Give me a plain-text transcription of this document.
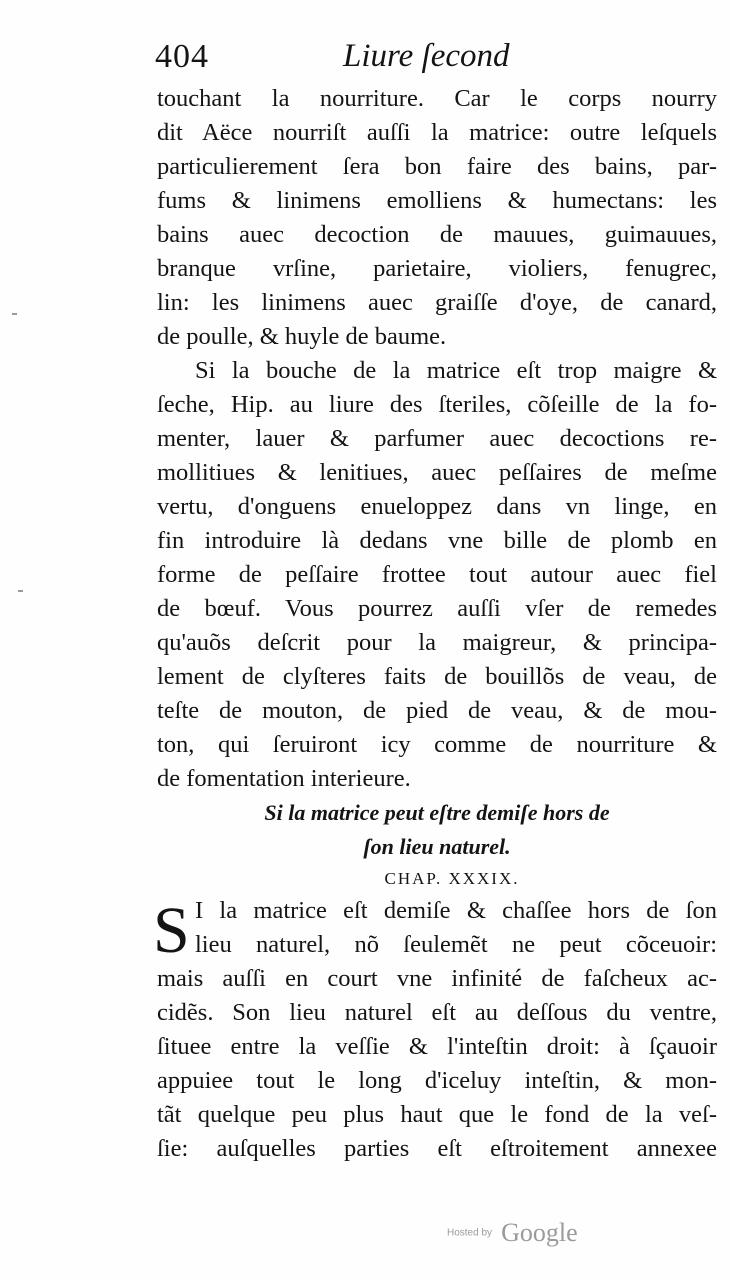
404	Liure ſecond
touchant la nourriture. Car le corps nourry
dit Aëce nourriſt auſſi la matrice: outre leſquels
particulierement ſera bon faire des bains, par-
fums & linimens emolliens & humectans: les
bains auec decoction de mauues, guimauues,
branque vrſine, parietaire, violiers, fenugrec,
lin: les linimens auec graiſſe d'oye, de canard,
de poulle, & huyle de baume.
Si la bouche de la matrice eſt trop maigre &
ſeche, Hip. au liure des ſteriles, cõſeille de la fo-
menter, lauer & parfumer auec decoctions re-
mollitiues & lenitiues, auec peſſaires de meſme
vertu, d'onguens enueloppez dans vn linge, en
fin introduire là dedans vne bille de plomb en
forme de peſſaire frottee tout autour auec fiel
de bœuf. Vous pourrez auſſi vſer de remedes
qu'auõs deſcrit pour la maigreur, & principa-
lement de clyſteres faits de bouillõs de veau, de
teſte de mouton, de pied de veau, & de mou-
ton, qui ſeruiront icy comme de nourriture &
de fomentation interieure.
Si la matrice peut eſtre demiſe hors de
ſon lieu naturel.
CHAP. XXXIX.
S I la matrice eſt demiſe & chaſſee hors de ſon
lieu naturel, nõ ſeulemẽt ne peut cõceuoir:
mais auſſi en court vne infinité de faſcheux ac-
cidẽs. Son lieu naturel eſt au deſſous du ventre,
ſituee entre la veſſie & l'inteſtin droit: à ſçauoir
appuiee tout le long d'iceluy inteſtin, & mon-
tãt quelque peu plus haut que le fond de la veſ-
ſie: auſquelles parties eſt eſtroitement annexee
Hosted by Google
